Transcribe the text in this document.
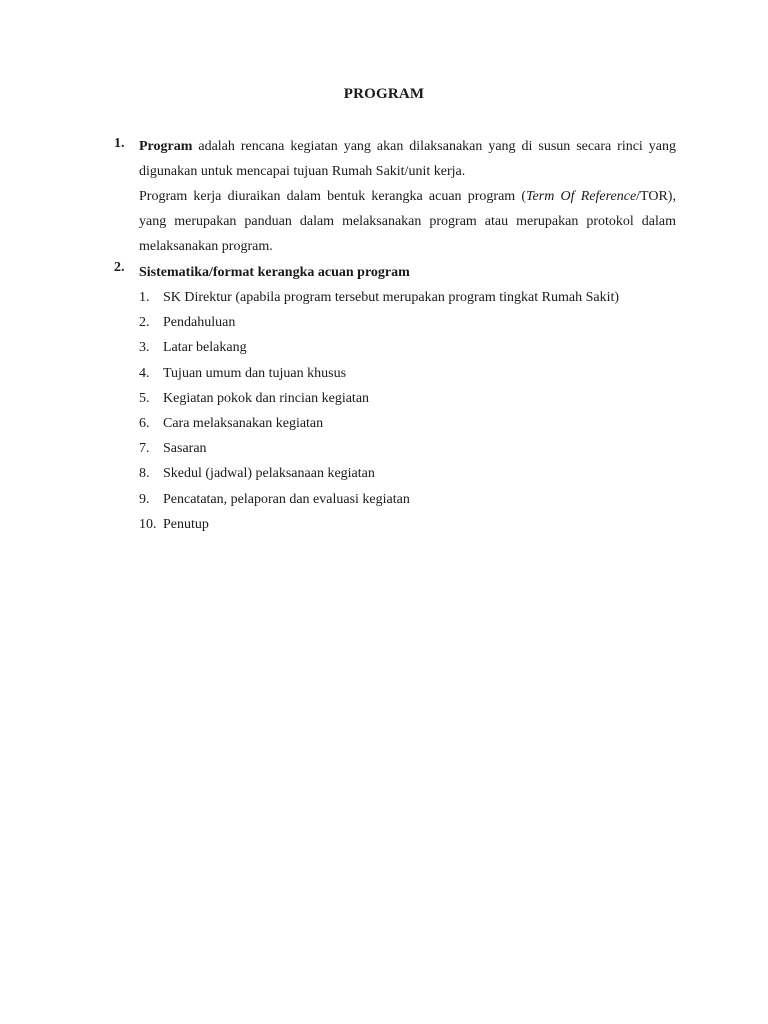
PROGRAM
1. Program adalah rencana kegiatan yang akan dilaksanakan yang di susun secara rinci yang digunakan untuk mencapai tujuan Rumah Sakit/unit kerja.

Program kerja diuraikan dalam bentuk kerangka acuan program (Term Of Reference/TOR), yang merupakan panduan dalam melaksanakan program atau merupakan protokol dalam melaksanakan program.

2. Sistematika/format kerangka acuan program
1. SK Direktur (apabila program tersebut merupakan program tingkat Rumah Sakit)
2. Pendahuluan
3. Latar belakang
4. Tujuan umum dan tujuan khusus
5. Kegiatan pokok dan rincian kegiatan
6. Cara melaksanakan kegiatan
7. Sasaran
8. Skedul (jadwal) pelaksanaan kegiatan
9. Pencatatan, pelaporan dan evaluasi kegiatan
10. Penutup
